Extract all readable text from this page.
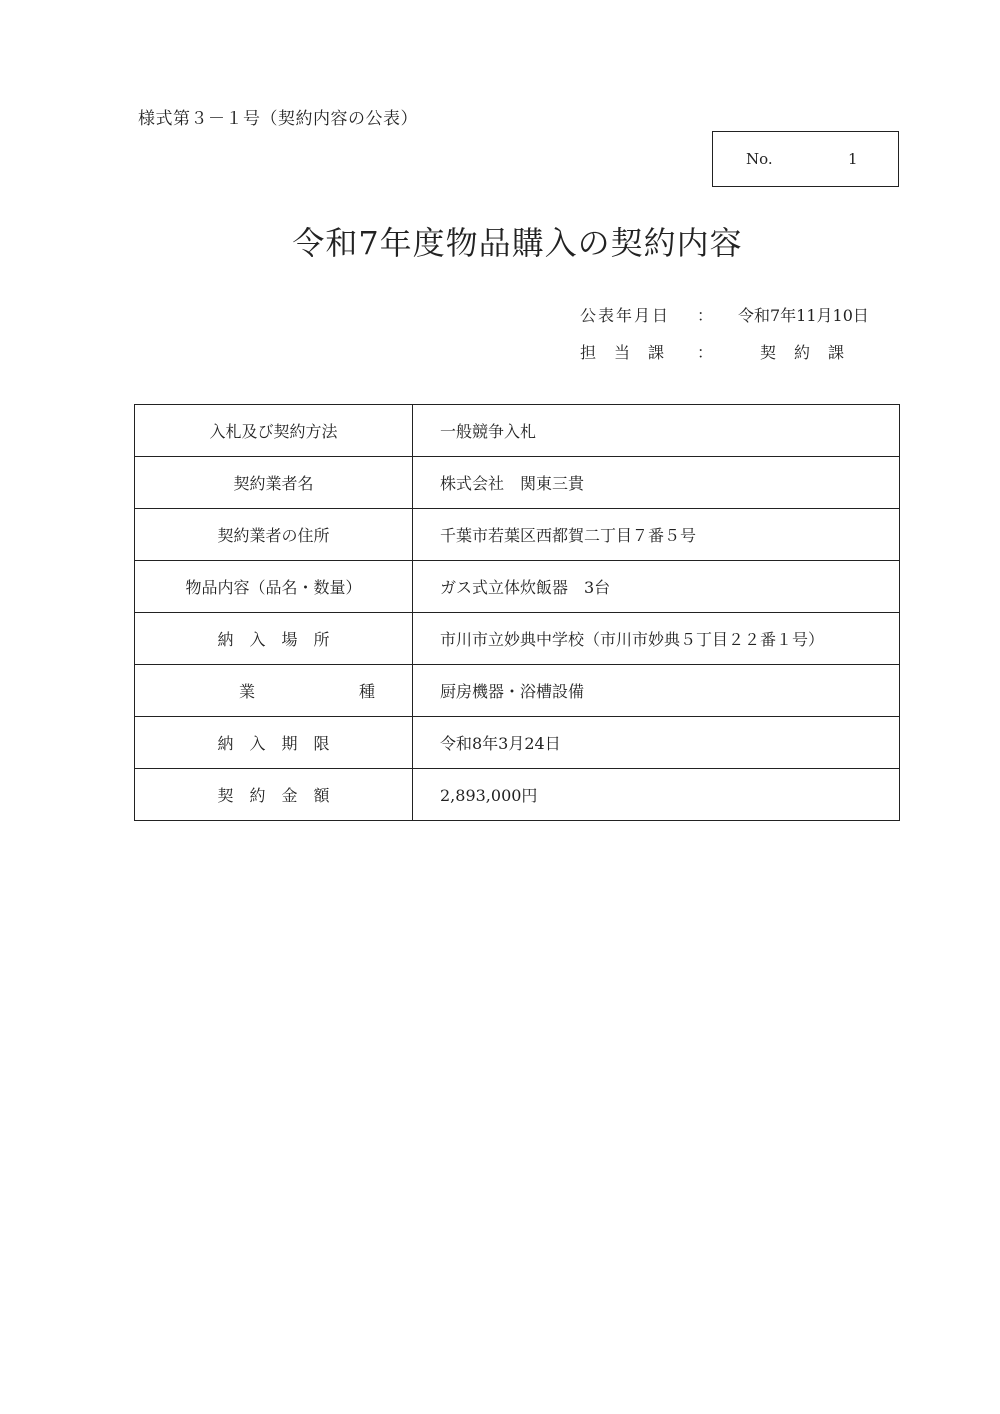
様式第３－１号（契約内容の公表）
No.	1
令和7年度物品購入の契約内容
公表年月日 ： 令和7年11月10日
担当課 ：	契約課
入札及び契約方法	一般競争入札
契約業者名	株式会社　関東三貴
契約業者の住所	千葉市若葉区西都賀二丁目７番５号
物品内容（品名・数量）	ガス式立体炊飯器　3台
納入場所	市川市立妙典中学校（市川市妙典５丁目２２番１号）
業種	厨房機器・浴槽設備
納入期限	令和8年3月24日
契約金額	2,893,000円
